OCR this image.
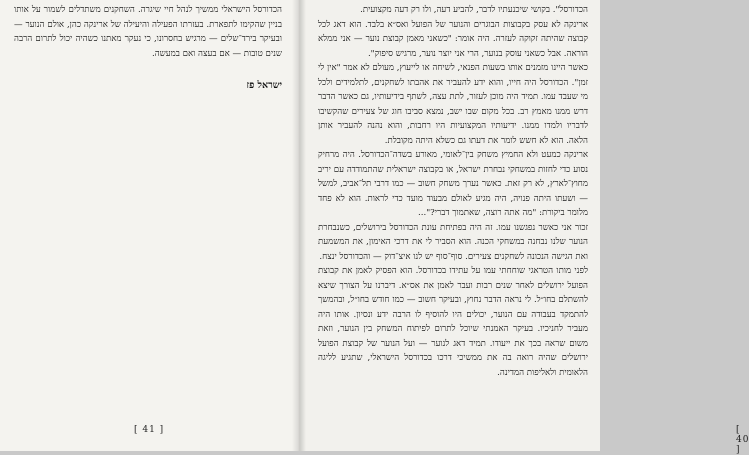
הכדורסל הישראלי ממשיך לנהל חיי שיגרה. השחקנים משתדלים לשמור על אותו בניין שהקימו לתפארת. בעזרתו הפעילה והיעילה של ארינקה כהן, אולם הנוער — ובעיקר בירד־שלים — מרגיש בחסרונו, כי נעקר מאתנו כשהיה יכול לתרום הרבה שנים טובות — אם בעצה ואם במעשה.

ישראל פז
[ 41 ]	[ 40 ]

הכדורסל". בקושי שיכנעתיו לדבר, להביע דעה, ולו רק דעה מקצועית.

ארינקה לא עסק בקבוצות הבוגרים והנוער של הפועל ואס״א בלבד. הוא דאג לכל קבוצה שהיתה זקוקה לעזרה. היה אומר: "כשאני מאמן קבוצת נוער — אני ממלא הוראה. אבל כשאני עוסק בנוער, הרי אני יוצר נוער, מרגיש סיפוק".

כאשר היינו מזמנים אותו בשעות הפנאי, לשיחה או לייעוץ, מעולם לא אמר "אין לי זמן". הכדורסל היה חייו, והוא ידע להעביר את אהבתו לשחקנים, לתלמידים ולכל מי שעבד עמו. תמיד היה מוכן לעזור, לתת עצה, לשתף בידיעותיו, גם כאשר הדבר דרש ממנו מאמץ רב. בכל מקום שבו ישב, נמצא סביבו חוג של צעירים שהקשיבו לדבריו ולמדו ממנו. ידיעותיו המקצועיות היו רחבות, והוא נהנה להעביר אותן הלאה. הוא לא חשש לומר את דעתו גם כשלא היתה מקובלת.

ארינקה כמעט ולא החמיץ משחק בין־לאומי, מאורע בשדה־הכדורסל. היה מרחיק נסוע כדי לחזות במשחקי נבחרת ישראל, או בקבוצה ישראלית שהתמודדה עם יריב מחוץ־לארץ, לא רק זאת. כאשר נערך משחק חשוב — כמו דרבי תל־אביב, למשל — ושעתו היתה פנויה, היה מגיע לאולם מבעוד מועד כדי לראות. הוא לא פחד מלומר ביקורת: "מה אתה רוצה, שאתמוך דברי?"...

זכור אני כאשר נפגשנו עמו. זה היה בפתיחת עונת הכדורסל בירושלים, כשנבחרת הנוער שלנו נבחנה במשחקי הכנה. הוא הסביר לי את דרכי האימון, את המשמעת ואת הגישה הנכונה לשחקנים צעירים. סוף־סוף יש לנו איצ־דוק — והכדורסל ינצח.

לפני מותו הטראגי שוחחתי עמו על עתידו בכדורסל. הוא הפסיק לאמן את קבוצת הפועל ירושלים לאחר שנים רבות ועבר לאמן את אס״א. דיברנו על הצורך שיצא להשתלם בחו״ל. לי נראה הדבר נחוץ, ובעיקר חשוב — כמו חודש בחו״ל, ובהמשך להתמקד בעבודה עם הנוער, יכולים היו להוסיף לו הרבה ידע ונסיון. אותו היה מעביר לחניכיו. בעיקר האמנתי שיוכל לתרום לפיתוח המשחק בין הנוער, וזאת משום שראה בכך את ייעודו. תמיד דאג לנוער — ועל הנוער של קבוצת הפועל ירושלים שהיה רואה בה את ממשיכי דרכו בכדורסל הישראלי, שתגיע לליגה הלאומית ולאליפות המדינה.
